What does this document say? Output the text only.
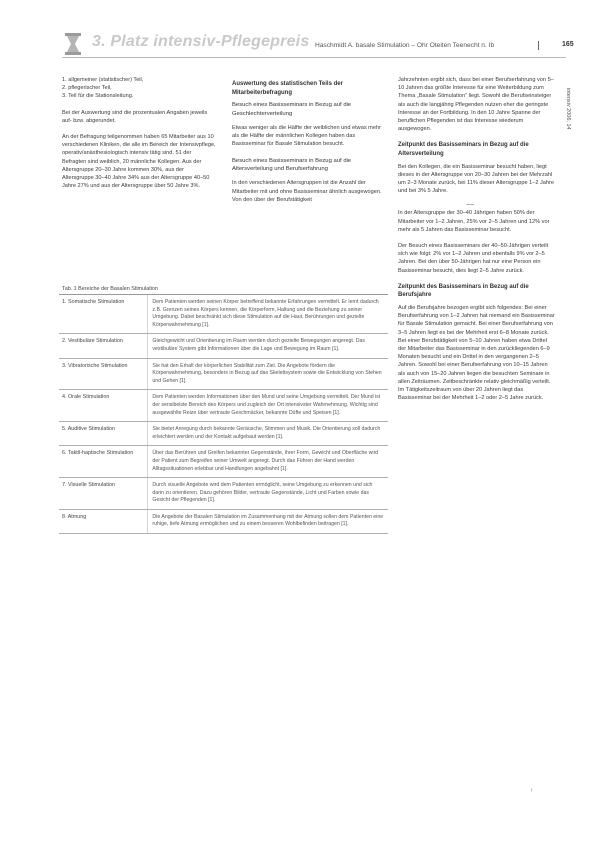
3. Platz intensiv-Pflegepreis Haschmidt A. basale Stimulation – Ohr Oteiten Teenecht n. Ib	165
intensiv 2006; 14

1. allgemeiner (statistischer) Teil,
2. pflegerischer Teil,
3. Teil für die Stationsleitung.

Bei der Auswertung sind die prozentualen Angaben jeweils auf- bzw. abgerundet.

An der Befragung teilgenommen haben 65 Mitarbeiter aus 10 verschiedenen Kliniken, die alle im Bereich der Intensivpflege, operativ/anästhesiologisch intensiv tätig sind. 51 der Befragten sind weiblich, 20 männliche Kollegen. Aus der Altersgruppe 20–30 Jahre kommen 30%, aus der Altersgruppe 30–40 Jahre 34% aus der Altersgruppe 40–50 Jahre 27% und aus der Altersgruppe über 50 Jahre 3%.

Auswertung des statistischen Teils der Mitarbeiterbefragung
Besuch eines Basisseminars in Bezug auf die Geschlechterverteilung

Etwas weniger als die Hälfte der weiblichen und etwas mehr als die Hälfte der männlichen Kollegen haben das Basisseminar für Basale Stimulation besucht.

Besuch eines Basisseminars in Bezug auf die Altersverteilung und Berufserfahrung

In den verschiedenen Altersgruppen ist die Anzahl der Mitarbeiter mit und ohne Basisseminar ähnlich ausgewogen. Von den über der Berufstätigkeit

Jahrzehnten ergibt sich, dass bei einer Berufserfahrung von 5–10 Jahren das größte Interesse für eine Weiterbildung zum Thema „Basale Stimulation“ liegt. Sowohl die Berufseinsteiger als auch die langjährig Pflegenden nutzen eher die geringste Interesse an der Fortbildung. In den 10 Jahre Spanne der beruflichen Pflegenden ist das Interesse wiederum ausgewogen.

Zeitpunkt des Basisseminars in Bezug auf die Altersverteilung

Bei den Kollegen, die ein Basisseminar besucht haben, liegt dieses in der Altersgruppe von 20–30 Jahren bei der Mehrzahl um 2–3 Monate zurück, bei 11% dieser Altersgruppe 1–2 Jahre und bei 3% 5 Jahre.

~~

In der Altersgruppe der 30–40 Jährigen haben 50% der Mitarbeiter vor 1–2 Jahren, 25% vor 2–5 Jahren und 12% vor mehr als 5 Jahren das Basisseminar besucht.

Der Besuch eines Basisseminars der 40–50-Jährigen verteilt sich wie folgt: 2% vor 1–2 Jahren und ebenfalls 9% vor 2–5 Jahren. Bei den über 50-Jährigen hat nur eine Person ein Basisseminar besucht, dies liegt 2–5 Jahre zurück.

Zeitpunkt des Basisseminars in Bezug auf die Berufsjahre

Auf die Berufsjahre bezogen ergibt sich folgendes: Bei einer Berufserfahrung von 1–2 Jahren hat niemand ein Basisseminar für Basale Stimulation gemacht. Bei einer Berufserfahrung von 3–5 Jahren liegt es bei der Mehrheit erst 6–8 Monate zurück. Bei einer Berufstätigkeit von 5–10 Jahren haben etwa Drittel der Mitarbeiter das Basisseminar in den zurückliegenden 6–9 Monaten besucht und ein Drittel in den vergangenen 2–5 Jahren. Sowohl bei einer Berufserfahrung von 10–15 Jahren als auch von 15–20 Jahren liegen die besuchten Seminare in allen Zeiträumen. Zeitbeschränkte relativ gleichmäßig verteilt. Im Tätigkeitszeitraum von über 20 Jahren liegt das Basisseminar bei der Mehrheit 1–2 oder 2–5 Jahre zurück.

Tab. 1 Bereiche der Basalen Stimulation
1. Somatische Stimulation	Dem Patienten werden seinen Körper betreffend bekannte Erfahrungen vermittelt. Er lernt dadurch z.B. Grenzen seines Körpers kennen, die Körperform, Haltung und die Beziehung zu seiner Umgebung. Dabei beschränkt sich diese Stimulation auf die Haut, Berührungen und gezielte Körperwahrnehmung [1].
2. Vestibuläre Stimulation	Gleichgewicht und Orientierung im Raum werden durch gezielte Bewegungen angeregt. Das vestibuläre System gibt Informationen über die Lage und Bewegung im Raum [1].
3. Vibratorische Stimulation	Sie hat den Erhalt der körperlichen Stabilität zum Ziel. Die Angebote fördern die Körperwahrnehmung, besonders in Bezug auf das Skelettsystem sowie die Entwicklung von Stehen und Gehen [1].
4. Orale Stimulation	Dem Patienten werden Informationen über den Mund und seine Umgebung vermittelt. Der Mund ist der sensibelste Bereich des Körpers und zugleich der Ort intensivster Wahrnehmung. Wichtig sind ausgewählte Reize über vertraute Geschmäcker, bekannte Düfte und Speisen [1].
5. Auditive Stimulation	Sie bietet Anregung durch bekannte Geräusche, Stimmen und Musik. Die Orientierung soll dadurch erleichtert werden und der Kontakt aufgebaut werden [1].
6. Taktil-haptische Stimulation	Über das Berühren und Greifen bekannter Gegenstände, ihrer Form, Gewicht und Oberfläche wird der Patient zum Begreifen seiner Umwelt angeregt. Durch das Führen der Hand werden Alltagssituationen erlebbar und Handlungen angebahnt [1].
7. Visuelle Stimulation	Durch visuelle Angebote wird dem Patienten ermöglicht, seine Umgebung zu erkennen und sich darin zu orientieren. Dazu gehören Bilder, vertraute Gegenstände, Licht und Farben sowie das Gesicht der Pflegenden [1].
8. Atmung	Die Angebote der Basalen Stimulation im Zusammenhang mit der Atmung sollen dem Patienten eine ruhige, tiefe Atmung ermöglichen und zu einem besseren Wohlbefinden beitragen [1].
↑
